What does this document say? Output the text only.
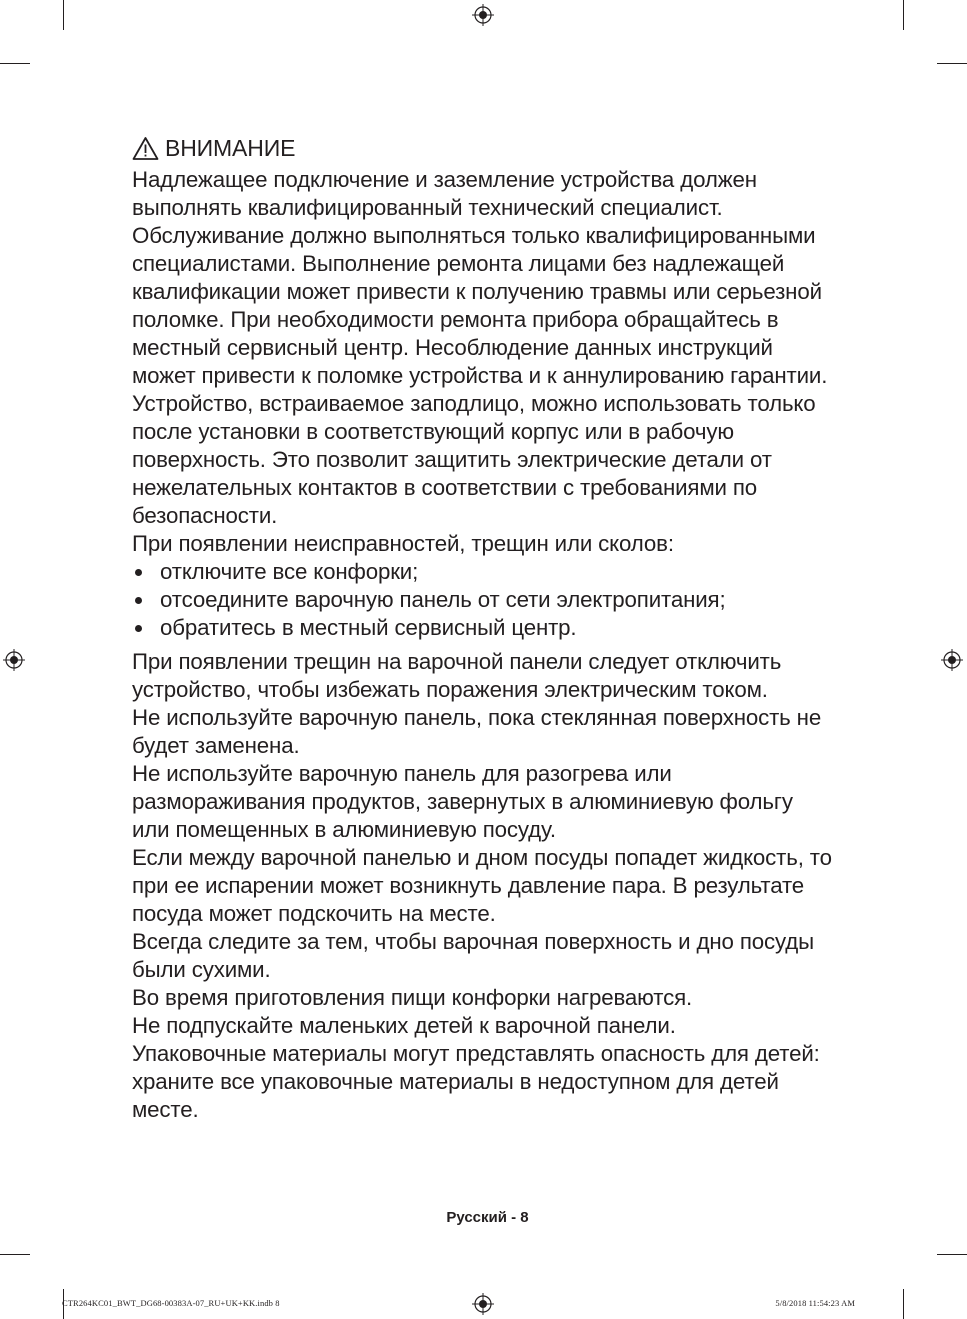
ВНИМАНИЕ

Надлежащее подключение и заземление устройства должен выполнять квалифицированный технический специалист.

Обслуживание должно выполняться только квалифицированными специалистами. Выполнение ремонта лицами без надлежащей квалификации может привести к получению травмы или серьезной поломке. При необходимости ремонта прибора обращайтесь в местный сервисный центр. Несоблюдение данных инструкций может привести к поломке устройства и к аннулированию гарантии.

Устройство, встраиваемое заподлицо, можно использовать только после установки в соответствующий корпус или в рабочую поверхность. Это позволит защитить электрические детали от нежелательных контактов в соответствии с требованиями по безопасности.

При появлении неисправностей, трещин или сколов:

отключите все конфорки;
отсоедините варочную панель от сети электропитания;
обратитесь в местный сервисный центр.

При появлении трещин на варочной панели следует отключить устройство, чтобы избежать поражения электрическим током.

Не используйте варочную панель, пока стеклянная поверхность не будет заменена.

Не используйте варочную панель для разогрева или размораживания продуктов, завернутых в алюминиевую фольгу или помещенных в алюминиевую посуду.

Если между варочной панелью и дном посуды попадет жидкость, то при ее испарении может возникнуть давление пара. В результате посуда может подскочить на месте.

Всегда следите за тем, чтобы варочная поверхность и дно посуды были сухими.

Во время приготовления пищи конфорки нагреваются.

Не подпускайте маленьких детей к варочной панели.

Упаковочные материалы могут представлять опасность для детей: храните все упаковочные материалы в недоступном для детей месте.

Русский - 8
CTR264KC01_BWT_DG68-00383A-07_RU+UK+KK.indb 8	5/8/2018 11:54:23 AM
